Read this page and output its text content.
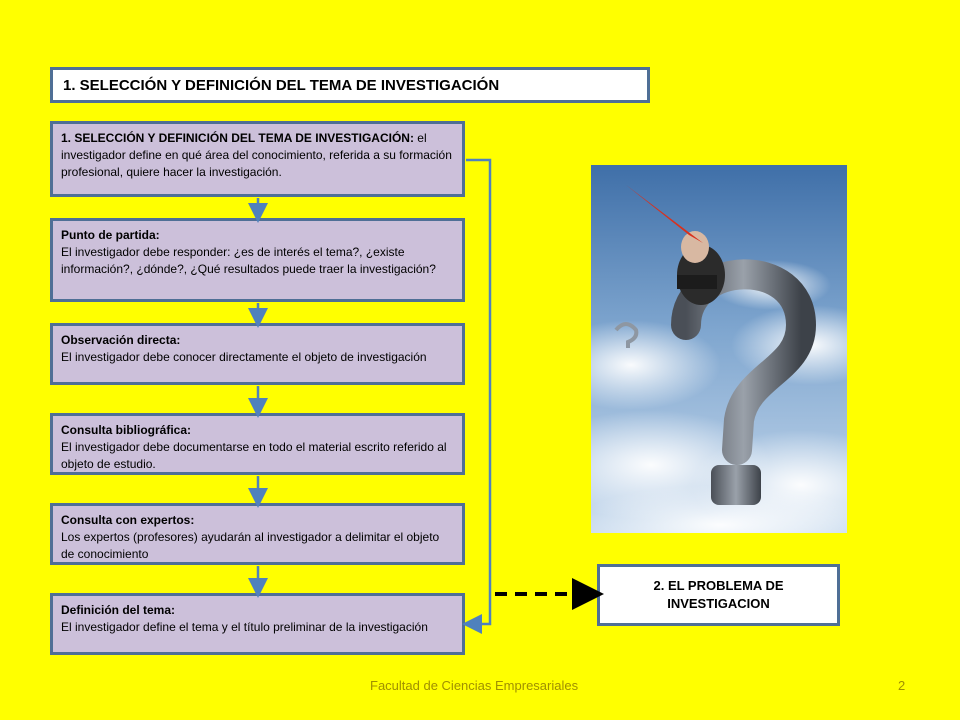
1. SELECCIÓN Y DEFINICIÓN DEL TEMA DE INVESTIGACIÓN
1. SELECCIÓN Y DEFINICIÓN DEL TEMA DE INVESTIGACIÓN: el investigador define en qué área del conocimiento, referida a su formación profesional, quiere hacer la investigación.
Punto de partida:
El investigador debe responder: ¿es de interés el tema?, ¿existe información?, ¿dónde?, ¿Qué resultados puede traer la investigación?
Observación directa:
El investigador debe conocer directamente el objeto de investigación
Consulta bibliográfica:
El investigador debe documentarse en todo el material escrito referido al objeto de estudio.
Consulta con expertos:
Los expertos (profesores) ayudarán al investigador a delimitar el objeto de conocimiento
Definición del tema:
El investigador define el tema y el título preliminar de la investigación
2. EL PROBLEMA DE
INVESTIGACION
Facultad de Ciencias Empresariales	2
